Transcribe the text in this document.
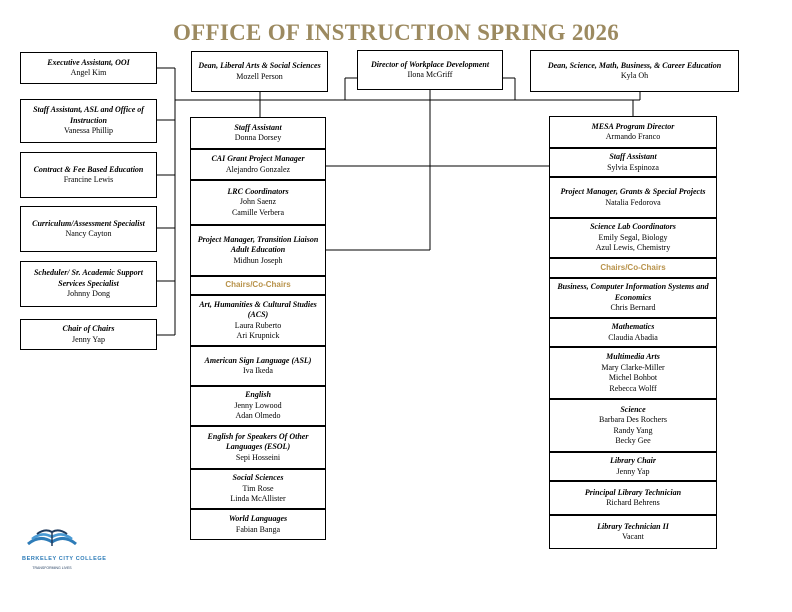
OFFICE OF INSTRUCTION SPRING 2026
Executive Assistant, OOI
Angel Kim
Dean, Liberal Arts & Social Sciences
Mozell Person
Director of Workplace Development
Ilona McGriff
Dean, Science, Math, Business, & Career Education
Kyla Oh
Staff Assistant, ASL and Office of Instruction
Vanessa Phillip
Contract & Fee Based Education
Francine Lewis
Curriculum/Assessment Specialist
Nancy Cayton
Scheduler/ Sr. Academic Support Services Specialist
Johnny Dong
Chair of Chairs
Jenny Yap
Staff Assistant
Donna Dorsey
CAI Grant Project Manager
Alejandro Gonzalez
LRC Coordinators
John Saenz
Camille Verbera
Project Manager, Transition Liaison
Adult Education
Midhun Joseph
Chairs/Co-Chairs
Art, Humanities & Cultural Studies (ACS)
Laura Ruberto
Ari Krupnick
American Sign Language (ASL)
Iva Ikeda
English
Jenny Lowood
Adan Olmedo
English for Speakers Of Other Languages (ESOL)
Sepi Hosseini
Social Sciences
Tim Rose
Linda McAllister
World Languages
Fabian Banga
MESA Program Director
Armando Franco
Staff Assistant
Sylvia Espinoza
Project Manager, Grants & Special Projects
Natalia Fedorova
Science Lab Coordinators
Emily Segal, Biology
Azul Lewis, Chemistry
Chairs/Co-Chairs
Business, Computer Information Systems and Economics
Chris Bernard
Mathematics
Claudia Abadia
Multimedia Arts
Mary Clarke-Miller
Michel Bohbot
Rebecca Wolff
Science
Barbara Des Rochers
Randy Yang
Becky Gee
Library Chair
Jenny Yap
Principal Library Technician
Richard Behrens
Library Technician II
Vacant
BERKELEY CITY COLLEGE
TRANSFORMING LIVES
